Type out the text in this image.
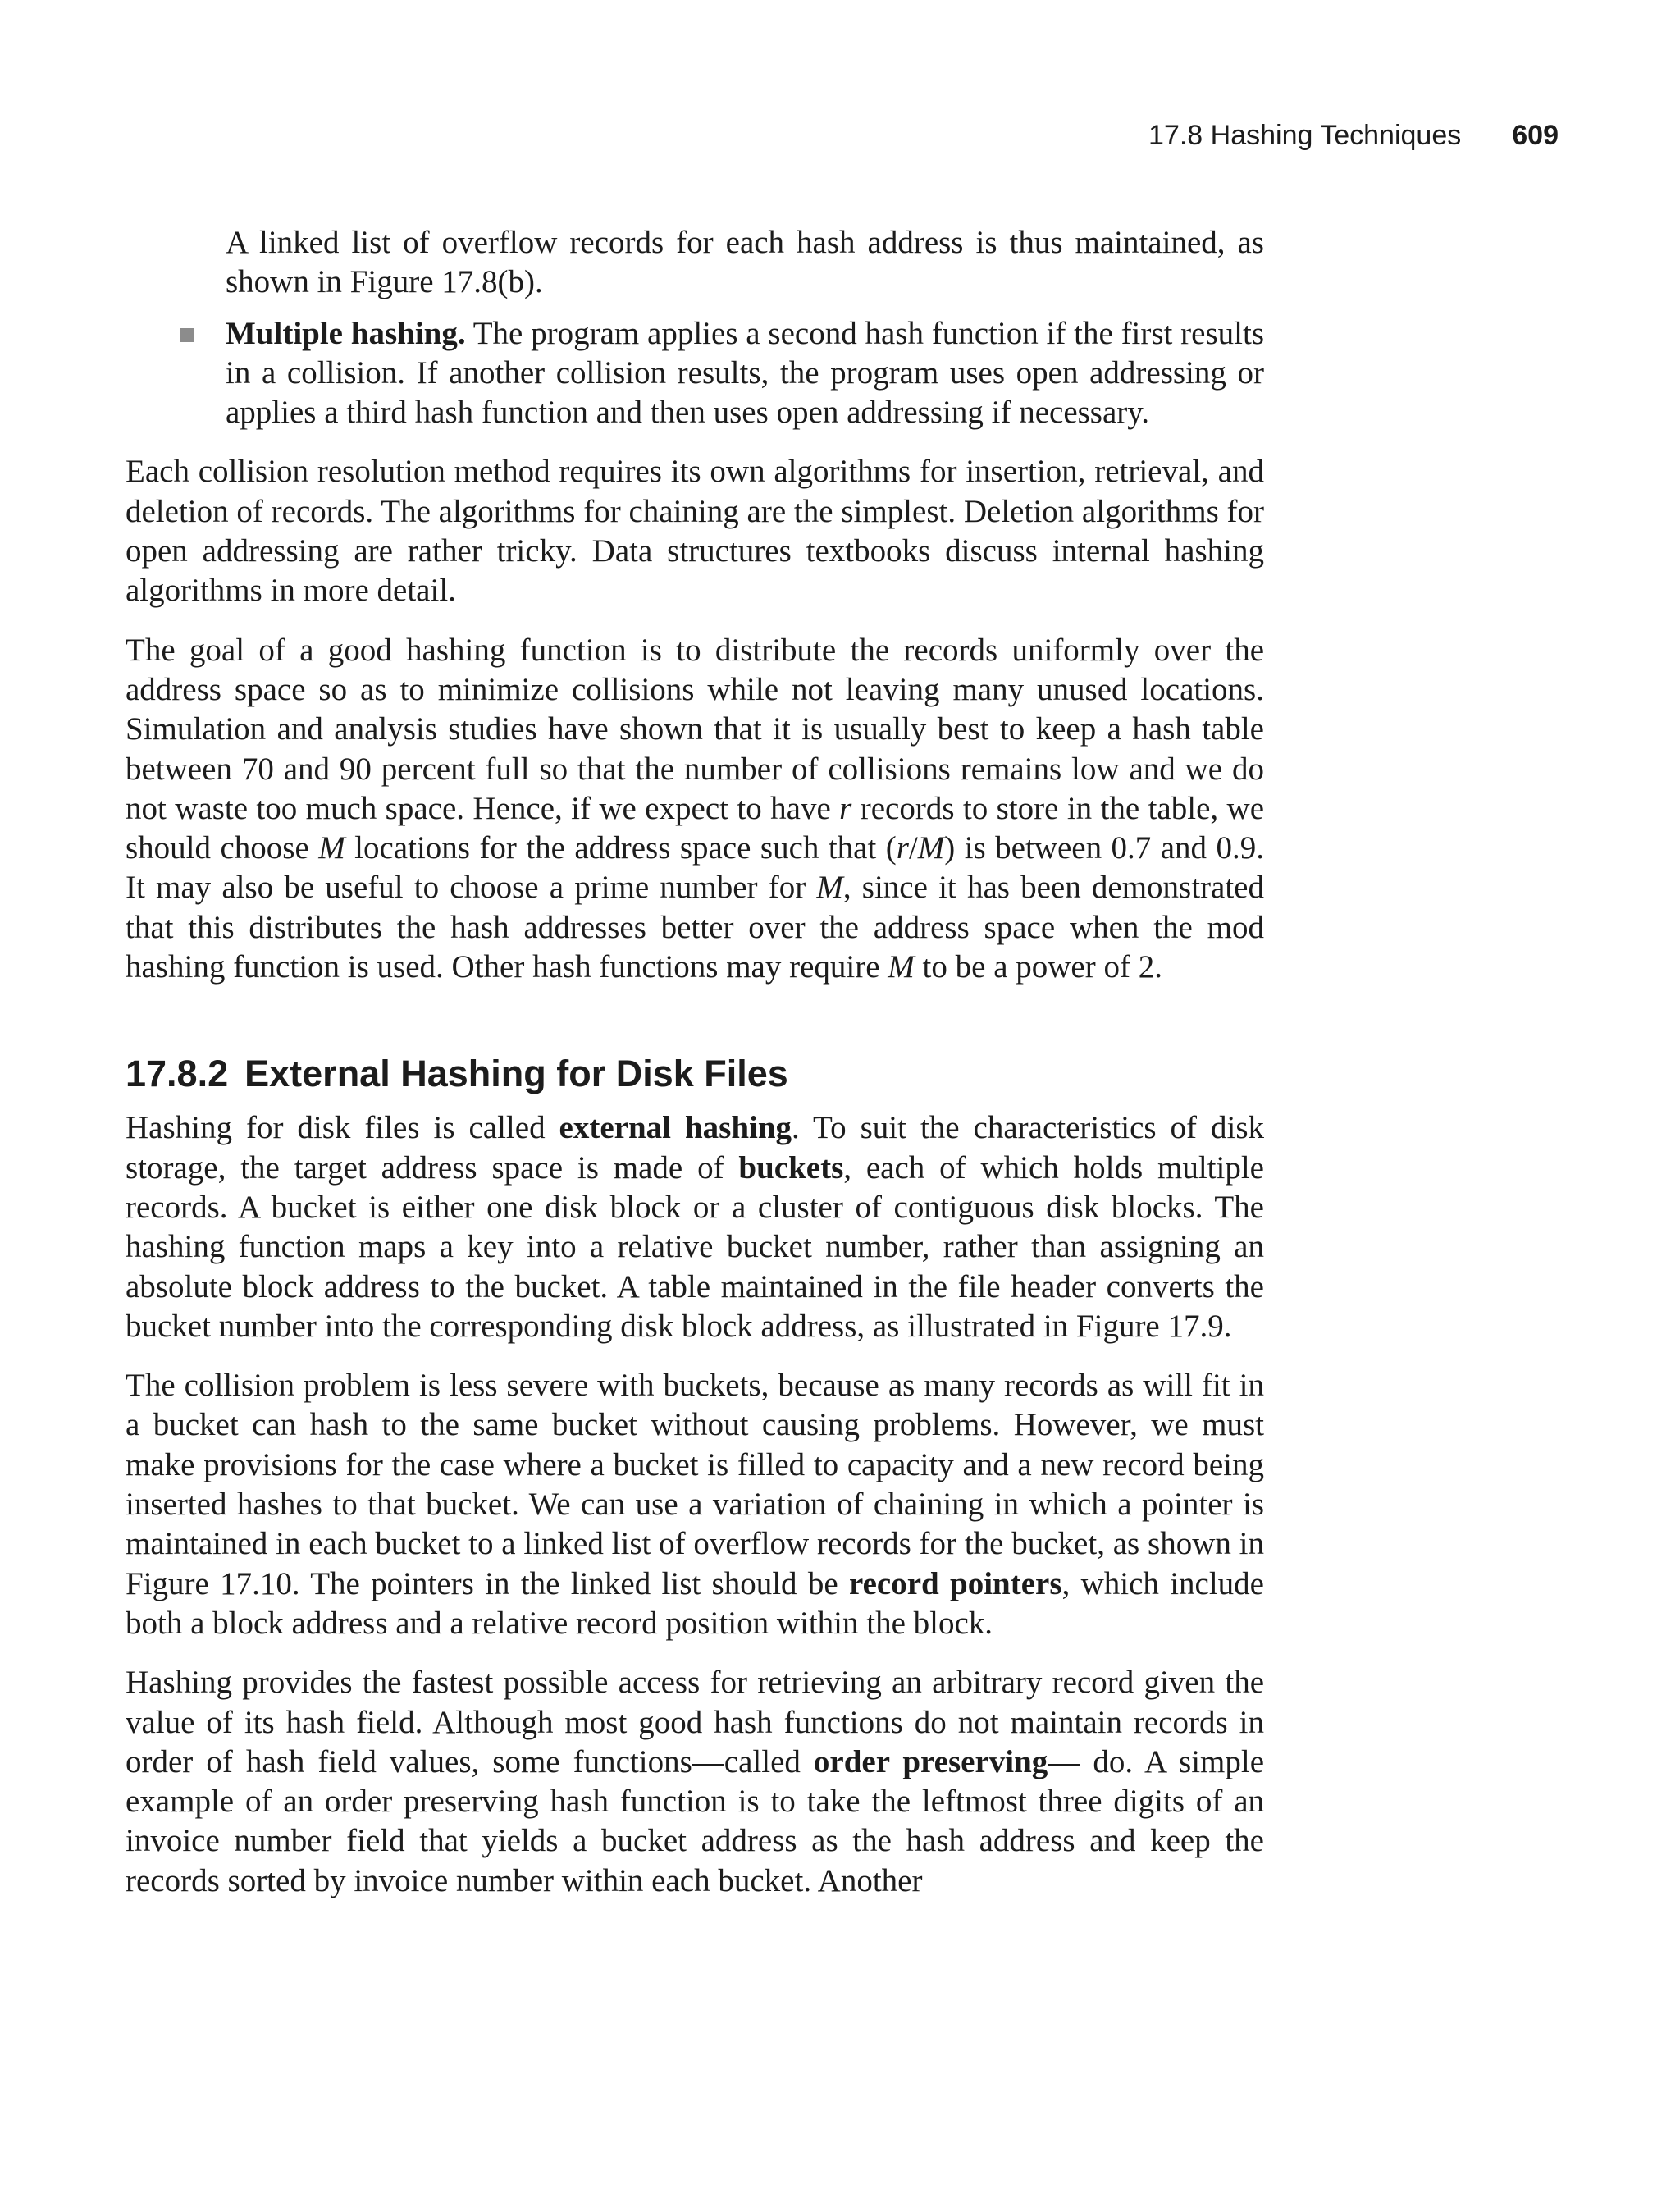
17.8 Hashing Techniques 609

A linked list of overflow records for each hash address is thus maintained, as shown in Figure 17.8(b).

Multiple hashing. The program applies a second hash function if the first results in a collision. If another collision results, the program uses open addressing or applies a third hash function and then uses open addressing if necessary.

Each collision resolution method requires its own algorithms for insertion, retrieval, and deletion of records. The algorithms for chaining are the simplest. Deletion algorithms for open addressing are rather tricky. Data structures textbooks discuss internal hashing algorithms in more detail.

The goal of a good hashing function is to distribute the records uniformly over the address space so as to minimize collisions while not leaving many unused locations. Simulation and analysis studies have shown that it is usually best to keep a hash table between 70 and 90 percent full so that the number of collisions remains low and we do not waste too much space. Hence, if we expect to have r records to store in the table, we should choose M locations for the address space such that (r/M) is between 0.7 and 0.9. It may also be useful to choose a prime number for M, since it has been demonstrated that this distributes the hash addresses better over the address space when the mod hashing function is used. Other hash functions may require M to be a power of 2.

17.8.2 External Hashing for Disk Files

Hashing for disk files is called external hashing. To suit the characteristics of disk storage, the target address space is made of buckets, each of which holds multiple records. A bucket is either one disk block or a cluster of contiguous disk blocks. The hashing function maps a key into a relative bucket number, rather than assigning an absolute block address to the bucket. A table maintained in the file header converts the bucket number into the corresponding disk block address, as illustrated in Figure 17.9.

The collision problem is less severe with buckets, because as many records as will fit in a bucket can hash to the same bucket without causing problems. However, we must make provisions for the case where a bucket is filled to capacity and a new record being inserted hashes to that bucket. We can use a variation of chaining in which a pointer is maintained in each bucket to a linked list of overflow records for the bucket, as shown in Figure 17.10. The pointers in the linked list should be record pointers, which include both a block address and a relative record position within the block.

Hashing provides the fastest possible access for retrieving an arbitrary record given the value of its hash field. Although most good hash functions do not maintain records in order of hash field values, some functions—called order preserving— do. A simple example of an order preserving hash function is to take the leftmost three digits of an invoice number field that yields a bucket address as the hash address and keep the records sorted by invoice number within each bucket. Another
